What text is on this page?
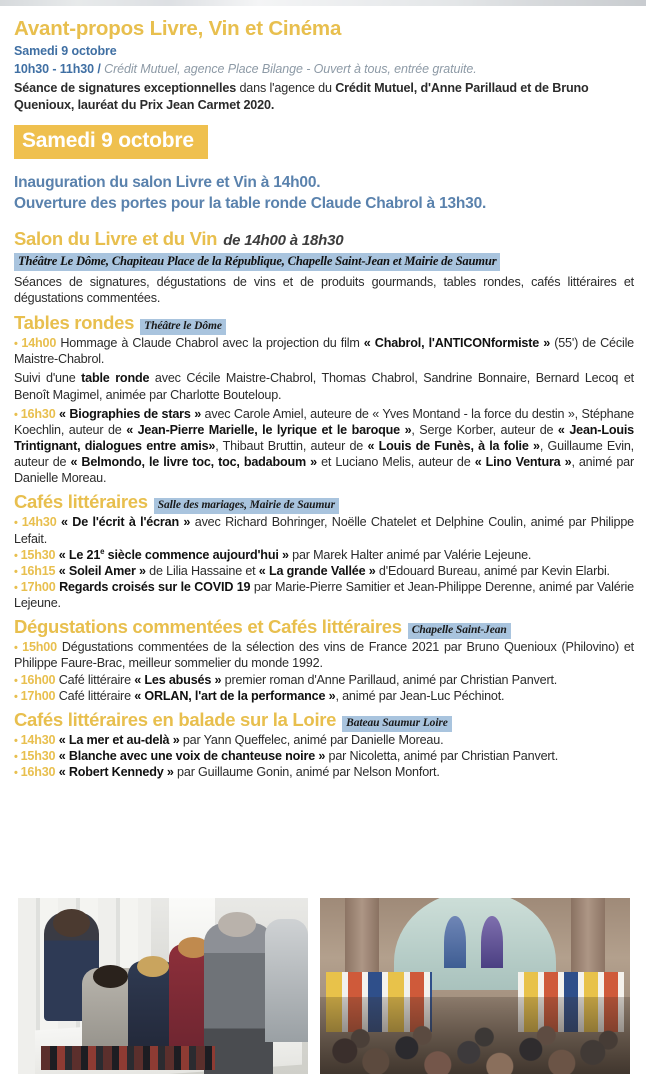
Avant-propos Livre, Vin et Cinéma
Samedi 9 octobre
10h30 - 11h30 / Crédit Mutuel, agence Place Bilange - Ouvert à tous, entrée gratuite.
Séance de signatures exceptionnelles dans l'agence du Crédit Mutuel, d'Anne Parillaud et de Bruno Quenioux, lauréat du Prix Jean Carmet 2020.
Samedi 9 octobre
Inauguration du salon Livre et Vin à 14h00.
Ouverture des portes pour la table ronde Claude Chabrol à 13h30.
Salon du Livre et du Vin de 14h00 à 18h30
Théâtre Le Dôme, Chapiteau Place de la République, Chapelle Saint-Jean et Mairie de Saumur
Séances de signatures, dégustations de vins et de produits gourmands, tables rondes, cafés littéraires et dégustations commentées.
Tables rondes Théâtre le Dôme

• 14h00 Hommage à Claude Chabrol avec la projection du film « Chabrol, l'ANTICONformiste » (55') de Cécile Maistre-Chabrol.

Suivi d'une table ronde avec Cécile Maistre-Chabrol, Thomas Chabrol, Sandrine Bonnaire, Bernard Lecoq et Benoît Magimel, animée par Charlotte Bouteloup.

• 16h30 « Biographies de stars » avec Carole Amiel, auteure de « Yves Montand - la force du destin », Stéphane Koechlin, auteur de « Jean-Pierre Marielle, le lyrique et le baroque », Serge Korber, auteur de « Jean-Louis Trintignant, dialogues entre amis», Thibaut Bruttin, auteur de « Louis de Funès, à la folie », Guillaume Evin, auteur de « Belmondo, le livre toc, toc, badaboum » et Luciano Melis, auteur de « Lino Ventura », animé par Danielle Moreau.

Cafés littéraires Salle des mariages, Mairie de Saumur

• 14h30 « De l'écrit à l'écran » avec Richard Bohringer, Noëlle Chatelet et Delphine Coulin, animé par Philippe Lefait.

• 15h30 « Le 21e siècle commence aujourd'hui » par Marek Halter animé par Valérie Lejeune.

• 16h15 « Soleil Amer » de Lilia Hassaine et « La grande Vallée » d'Edouard Bureau, animé par Kevin Elarbi.

• 17h00 Regards croisés sur le COVID 19 par Marie-Pierre Samitier et Jean-Philippe Derenne, animé par Valérie Lejeune.

Dégustations commentées et Cafés littéraires Chapelle Saint-Jean

• 15h00 Dégustations commentées de la sélection des vins de France 2021 par Bruno Quenioux (Philovino) et Philippe Faure-Brac, meilleur sommelier du monde 1992.

• 16h00 Café littéraire « Les abusés » premier roman d'Anne Parillaud, animé par Christian Panvert.

• 17h00 Café littéraire « ORLAN, l'art de la performance », animé par Jean-Luc Péchinot.

Cafés littéraires en balade sur la Loire Bateau Saumur Loire

• 14h30 « La mer et au-delà » par Yann Queffelec, animé par Danielle Moreau.

• 15h30 « Blanche avec une voix de chanteuse noire » par Nicoletta, animé par Christian Panvert.

• 16h30 « Robert Kennedy » par Guillaume Gonin, animé par Nelson Monfort.
